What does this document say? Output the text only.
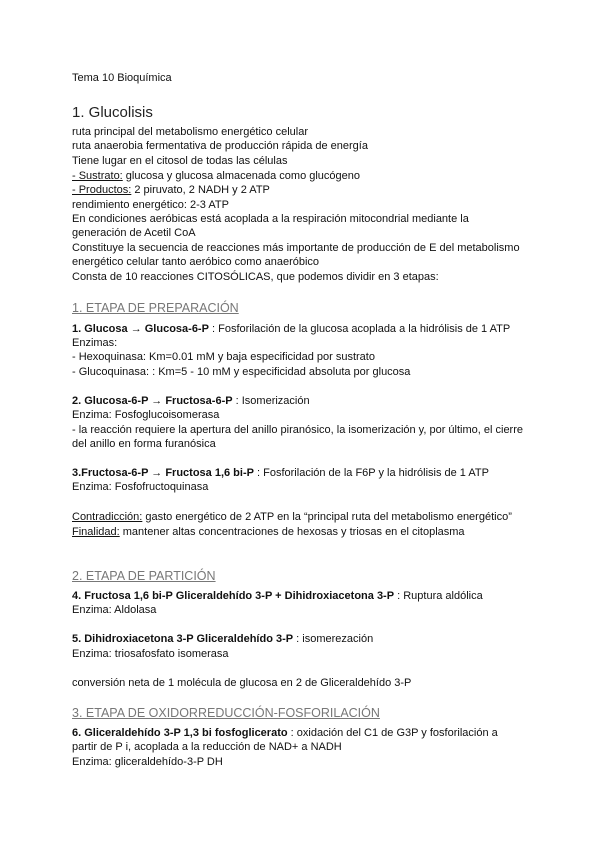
Tema 10 Bioquímica
1. Glucolisis
ruta principal del metabolismo energético celular
ruta anaerobia fermentativa de producción rápida de energía
Tiene lugar en el citosol de todas las células
- Sustrato: glucosa y glucosa almacenada como glucógeno
- Productos: 2 piruvato, 2 NADH y 2 ATP
rendimiento energético: 2-3 ATP
En condiciones aeróbicas está acoplada a la respiración mitocondrial mediante la
generación de Acetil CoA
Constituye la secuencia de reacciones más importante de producción de E del metabolismo
energético celular tanto aeróbico como anaeróbico
Consta de 10 reacciones CITOSÓLICAS, que podemos dividir en 3 etapas:
1. ETAPA DE PREPARACIÓN
1. Glucosa → Glucosa-6-P : Fosforilación de la glucosa acoplada a la hidrólisis de 1 ATP
Enzimas:
- Hexoquinasa: Km=0.01 mM y baja especificidad por sustrato
- Glucoquinasa: : Km=5 - 10 mM y especificidad absoluta por glucosa
2. Glucosa-6-P → Fructosa-6-P : Isomerización
Enzima: Fosfoglucoisomerasa
- la reacción requiere la apertura del anillo piranósico, la isomerización y, por último, el cierre
del anillo en forma furanósica
3.Fructosa-6-P → Fructosa 1,6 bi-P : Fosforilación de la F6P y la hidrólisis de 1 ATP
Enzima: Fosfofructoquinasa
Contradicción: gasto energético de 2 ATP en la “principal ruta del metabolismo energético”
Finalidad: mantener altas concentraciones de hexosas y triosas en el citoplasma
2. ETAPA DE PARTICIÓN
4. Fructosa 1,6 bi-P Gliceraldehído 3-P + Dihidroxiacetona 3-P : Ruptura aldólica
Enzima: Aldolasa
5. Dihidroxiacetona 3-P Gliceraldehído 3-P : isomerezación
Enzima: triosafosfato isomerasa
conversión neta de 1 molécula de glucosa en 2 de Gliceraldehído 3-P
3. ETAPA DE OXIDORREDUCCIÓN-FOSFORILACIÓN
6. Gliceraldehído 3-P 1,3 bi fosfoglicerato : oxidación del C1 de G3P y fosforilación a
partir de P i, acoplada a la reducción de NAD+ a NADH
Enzima: gliceraldehído-3-P DH
